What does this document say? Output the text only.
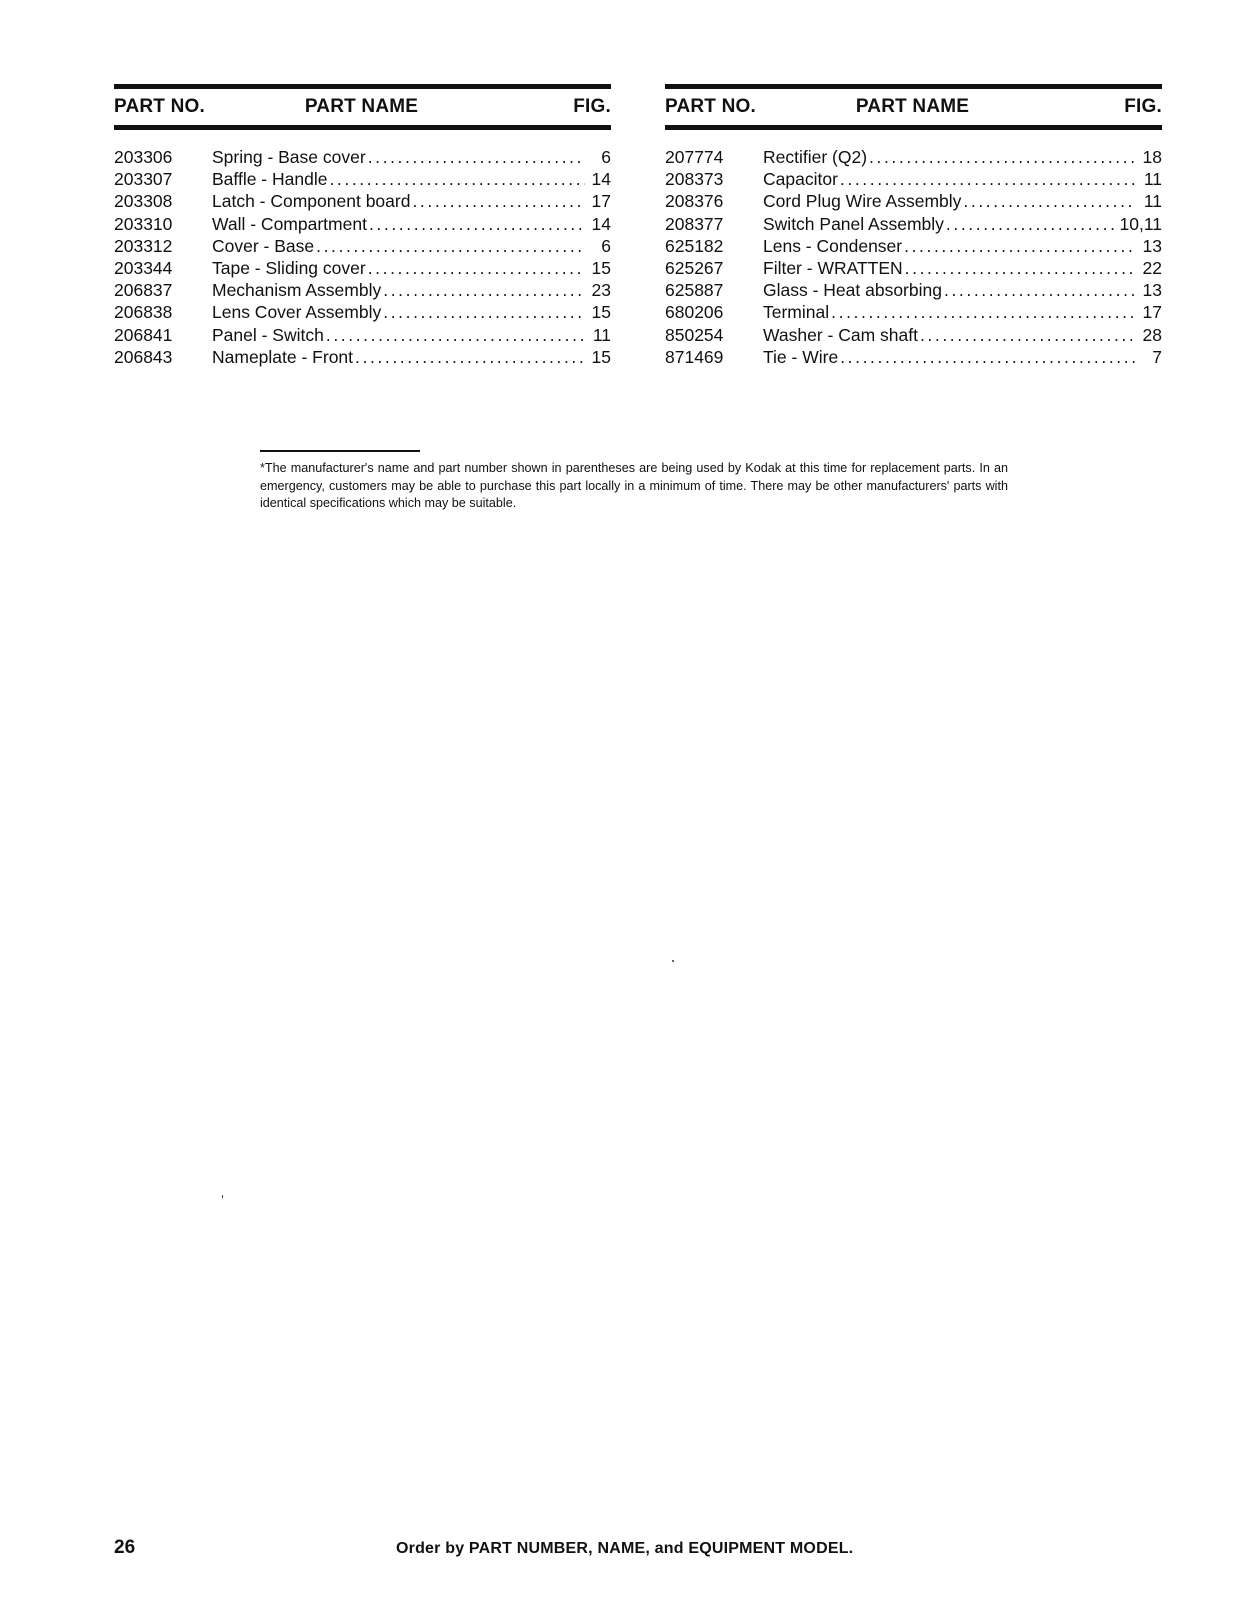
PART NO.	PART NAME	FIG.
203306	Spring - Base cover .....	6
203307	Baffle - Handle .....	14
203308	Latch - Component board .....	17
203310	Wall - Compartment .....	14
203312	Cover - Base .....	6
203344	Tape - Sliding cover .....	15
206837	Mechanism Assembly .....	23
206838	Lens Cover Assembly .....	15
206841	Panel - Switch .....	11
206843	Nameplate - Front .....	15
PART NO.	PART NAME	FIG.
207774	Rectifier (Q2) .....	18
208373	Capacitor .....	11
208376	Cord Plug Wire Assembly .....	11
208377	Switch Panel Assembly .....	10,11
625182	Lens - Condenser .....	13
625267	Filter - WRATTEN .....	22
625887	Glass - Heat absorbing .....	13
680206	Terminal .....	17
850254	Washer - Cam shaft .....	28
871469	Tie - Wire .....	7
*The manufacturer's name and part number shown in parentheses are being used by Kodak at this time for replacement parts. In an emergency, customers may be able to purchase this part locally in a minimum of time. There may be other manufacturers' parts with identical specifications which may be suitable.
26	Order by PART NUMBER, NAME, and EQUIPMENT MODEL.
